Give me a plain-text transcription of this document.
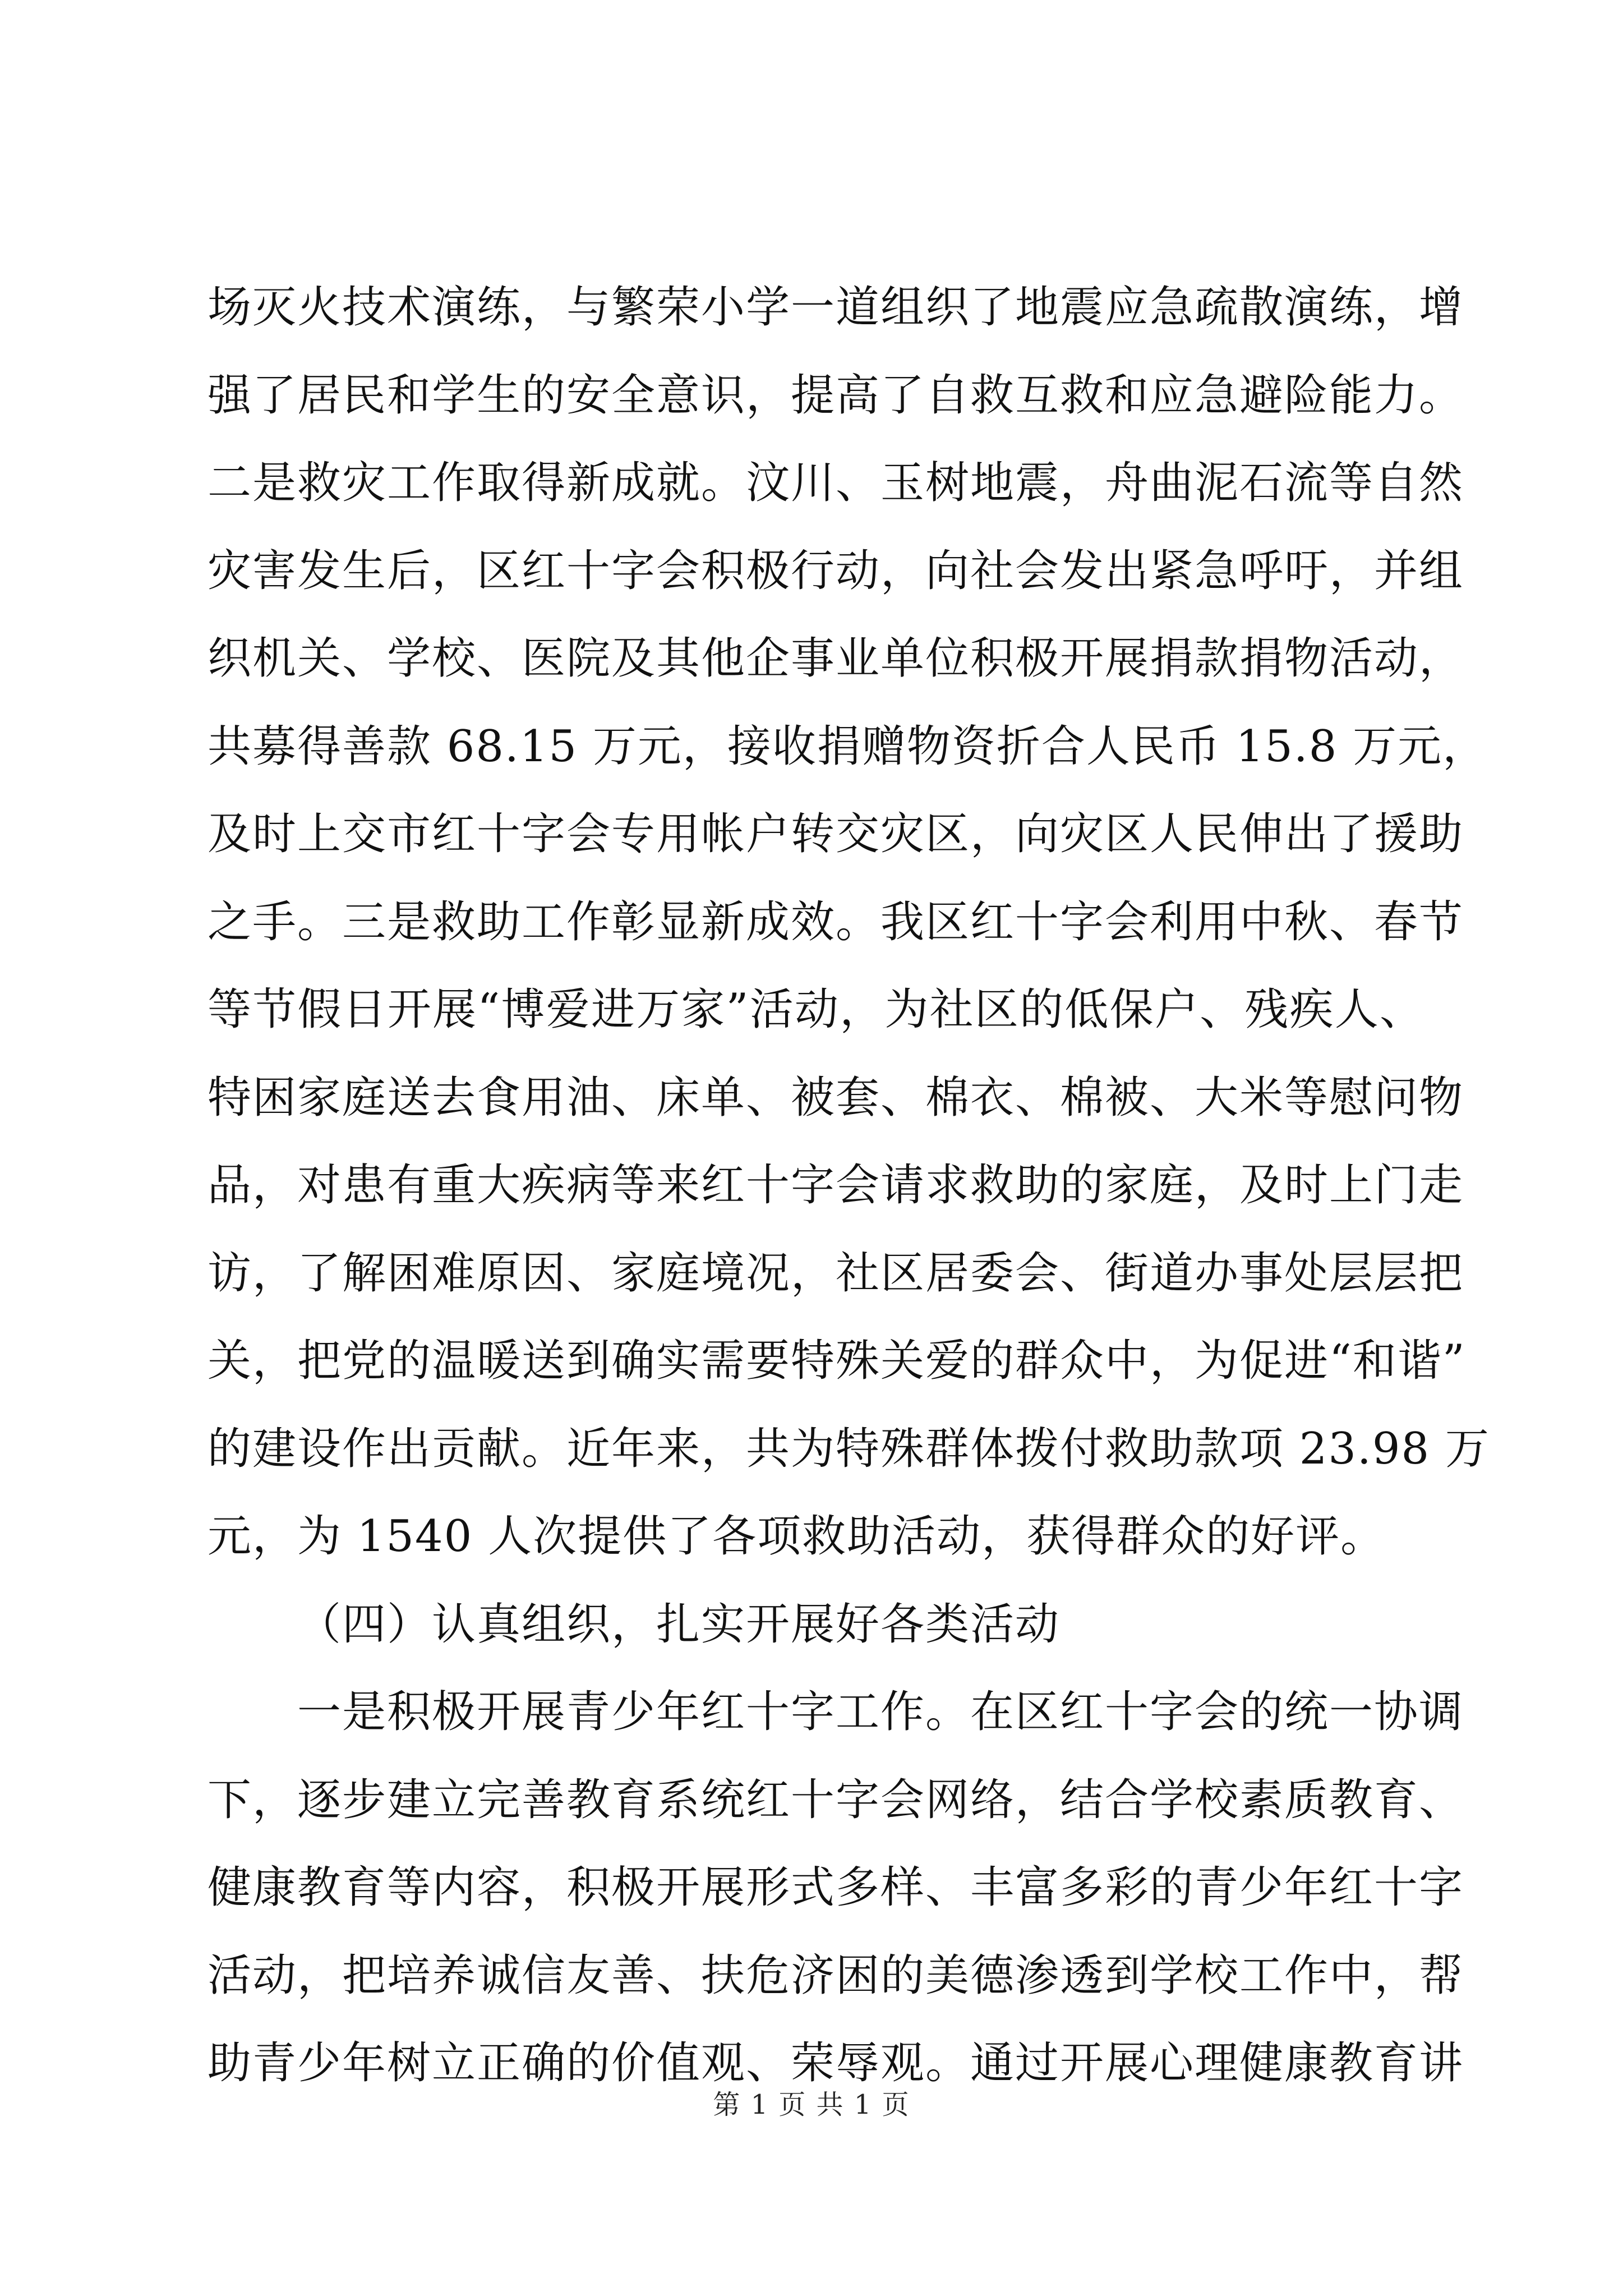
场灭火技术演练，与繁荣小学一道组织了地震应急疏散演练，增
强了居民和学生的安全意识，提高了自救互救和应急避险能力。
二是救灾工作取得新成就。汶川、玉树地震，舟曲泥石流等自然
灾害发生后，区红十字会积极行动，向社会发出紧急呼吁，并组
织机关、学校、医院及其他企事业单位积极开展捐款捐物活动，
共募得善款 68.15 万元，接收捐赠物资折合人民币 15.8 万元，
及时上交市红十字会专用帐户转交灾区，向灾区人民伸出了援助
之手。三是救助工作彰显新成效。我区红十字会利用中秋、春节
等节假日开展“博爱进万家”活动，为社区的低保户、残疾人、
特困家庭送去食用油、床单、被套、棉衣、棉被、大米等慰问物
品，对患有重大疾病等来红十字会请求救助的家庭，及时上门走
访，了解困难原因、家庭境况，社区居委会、街道办事处层层把
关，把党的温暖送到确实需要特殊关爱的群众中，为促进“和谐”
的建设作出贡献。近年来，共为特殊群体拨付救助款项 23.98 万
元，为 1540 人次提供了各项救助活动，获得群众的好评。
（四）认真组织，扎实开展好各类活动
一是积极开展青少年红十字工作。在区红十字会的统一协调
下，逐步建立完善教育系统红十字会网络，结合学校素质教育、
健康教育等内容，积极开展形式多样、丰富多彩的青少年红十字
活动，把培养诚信友善、扶危济困的美德渗透到学校工作中，帮
助青少年树立正确的价值观、荣辱观。通过开展心理健康教育讲
第 1 页 共 1 页
